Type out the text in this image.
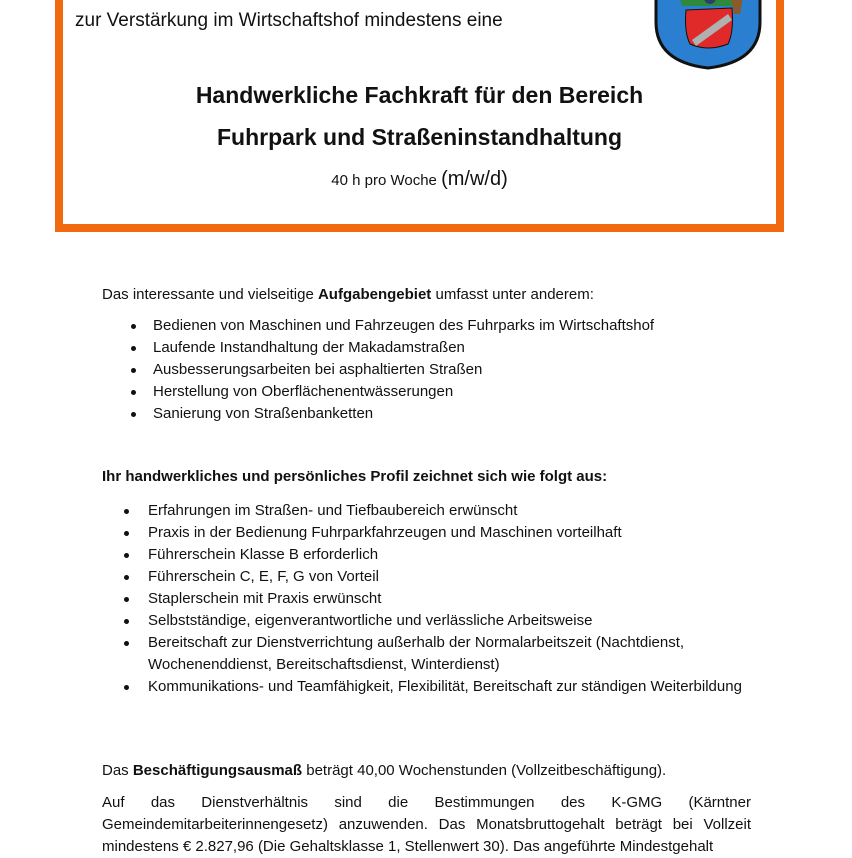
zur Verstärkung im Wirtschaftshof mindestens eine
Handwerkliche Fachkraft für den Bereich
Fuhrpark und Straßeninstandhaltung
40 h pro Woche (m/w/d)
Das interessante und vielseitige Aufgabengebiet umfasst unter anderem:
Bedienen von Maschinen und Fahrzeugen des Fuhrparks im Wirtschaftshof
Laufende Instandhaltung der Makadamstraßen
Ausbesserungsarbeiten bei asphaltierten Straßen
Herstellung von Oberflächenentwässerungen
Sanierung von Straßenbanketten
Ihr handwerkliches und persönliches Profil zeichnet sich wie folgt aus:
Erfahrungen im Straßen- und Tiefbaubereich erwünscht
Praxis in der Bedienung Fuhrparkfahrzeugen und Maschinen vorteilhaft
Führerschein Klasse B erforderlich
Führerschein C, E, F, G von Vorteil
Staplerschein mit Praxis erwünscht
Selbstständige, eigenverantwortliche und verlässliche Arbeitsweise
Bereitschaft zur Dienstverrichtung außerhalb der Normalarbeitszeit (Nachtdienst, Wochenenddienst, Bereitschaftsdienst, Winterdienst)
Kommunikations- und Teamfähigkeit, Flexibilität, Bereitschaft zur ständigen Weiterbildung
Das Beschäftigungsausmaß beträgt 40,00 Wochenstunden (Vollzeitbeschäftigung).
Auf das Dienstverhältnis sind die Bestimmungen des K-GMG (Kärntner Gemeindemitarbeiterinnengesetz) anzuwenden. Das Monatsbruttogehalt beträgt bei Vollzeit mindestens € 2.827,96 (Die Gehaltsklasse 1, Stellenwert 30). Das angeführte Mindestgehalt
